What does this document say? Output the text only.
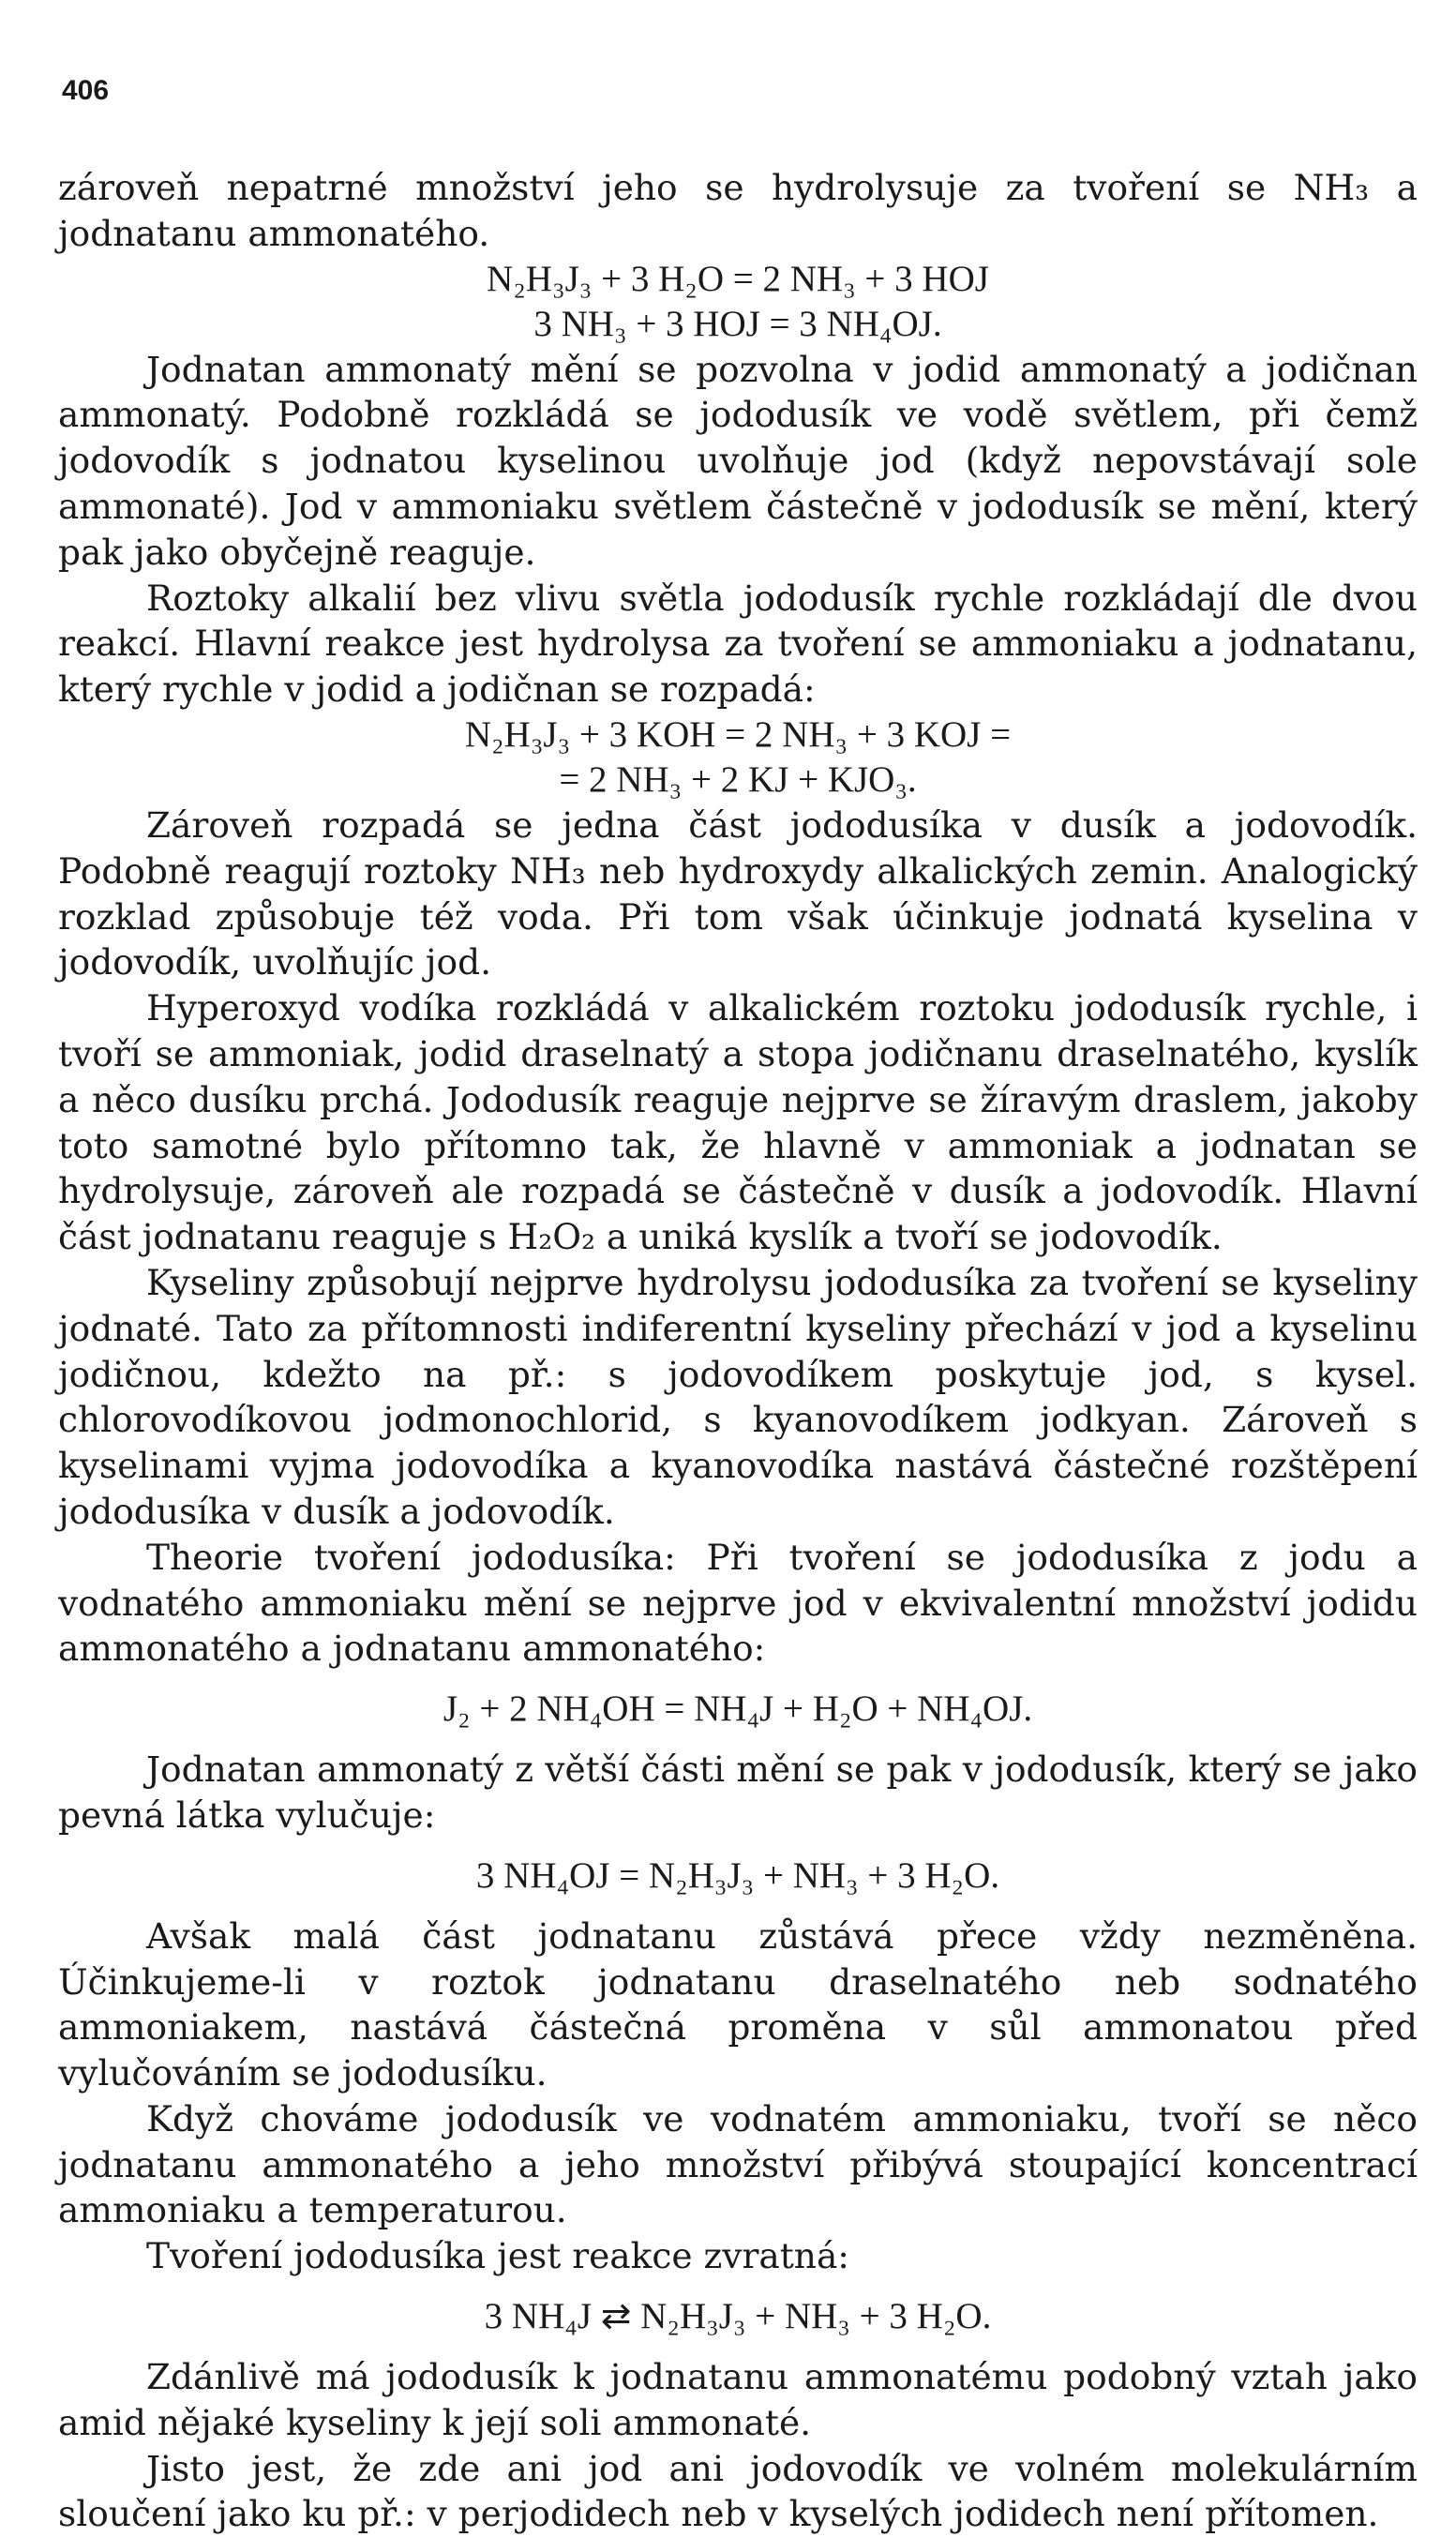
406

zároveň nepatrné množství jeho se hydrolysuje za tvoření se NH₃ a jodnatanu ammonatého.

N₂H₃J₃ + 3 H₂O = 2 NH₃ + 3 HOJ

3 NH₃ + 3 HOJ = 3 NH₄OJ.

Jodnatan ammonatý mění se pozvolna v jodid ammonatý a jodičnan ammonatý. Podobně rozkládá se jododusík ve vodě světlem, při čemž jodovodík s jodnatou kyselinou uvolňuje jod (když nepovstávají sole ammonaté). Jod v ammoniaku světlem částečně v jododusík se mění, který pak jako obyčejně reaguje.

Roztoky alkalií bez vlivu světla jododusík rychle rozkládají dle dvou reakcí. Hlavní reakce jest hydrolysa za tvoření se ammoniaku a jodnatanu, který rychle v jodid a jodičnan se rozpadá:

N₂H₃J₃ + 3 KOH = 2 NH₃ + 3 KOJ =

= 2 NH₃ + 2 KJ + KJO₃.

Zároveň rozpadá se jedna část jododusíka v dusík a jodovodík. Podobně reagují roztoky NH₃ neb hydroxydy alkalických zemin. Analogický rozklad způsobuje též voda. Při tom však účinkuje jodnatá kyselina v jodovodík, uvolňujíc jod.

Hyperoxyd vodíka rozkládá v alkalickém roztoku jododusík rychle, i tvoří se ammoniak, jodid draselnatý a stopa jodičnanu draselnatého, kyslík a něco dusíku prchá. Jododusík reaguje nejprve se žíravým draslem, jakoby toto samotné bylo přítomno tak, že hlavně v ammoniak a jodnatan se hydrolysuje, zároveň ale rozpadá se částečně v dusík a jodovodík. Hlavní část jodnatanu reaguje s H₂O₂ a uniká kyslík a tvoří se jodovodík.

Kyseliny způsobují nejprve hydrolysu jododusíka za tvoření se kyseliny jodnaté. Tato za přítomnosti indiferentní kyseliny přechází v jod a kyselinu jodičnou, kdežto na př.: s jodovodíkem poskytuje jod, s kysel. chlorovodíkovou jodmonochlorid, s kyanovodíkem jodkyan. Zároveň s kyselinami vyjma jodovodíka a kyanovodíka nastává částečné rozštěpení jododusíka v dusík a jodovodík.

Theorie tvoření jododusíka: Při tvoření se jododusíka z jodu a vodnatého ammoniaku mění se nejprve jod v ekvivalentní množství jodidu ammonatého a jodnatanu ammonatého:

J₂ + 2 NH₄OH = NH₄J + H₂O + NH₄OJ.

Jodnatan ammonatý z větší části mění se pak v jododusík, který se jako pevná látka vylučuje:

3 NH₄OJ = N₂H₃J₃ + NH₃ + 3 H₂O.

Avšak malá část jodnatanu zůstává přece vždy nezměněna. Účinkujeme-li v roztok jodnatanu draselnatého neb sodnatého ammoniakem, nastává částečná proměna v sůl ammonatou před vylučováním se jododusíku.

Když chováme jododusík ve vodnatém ammoniaku, tvoří se něco jodnatanu ammonatého a jeho množství přibývá stoupající koncentrací ammoniaku a temperaturou.

Tvoření jododusíka jest reakce zvratná:

3 NH₄J ⇄ N₂H₃J₃ + NH₃ + 3 H₂O.

Zdánlivě má jododusík k jodnatanu ammonatému podobný vztah jako amid nějaké kyseliny k její soli ammonaté.

Jisto jest, že zde ani jod ani jodovodík ve volném molekulárním sloučení jako ku př.: v perjodidech neb v kyselých jodidech není přítomen.
